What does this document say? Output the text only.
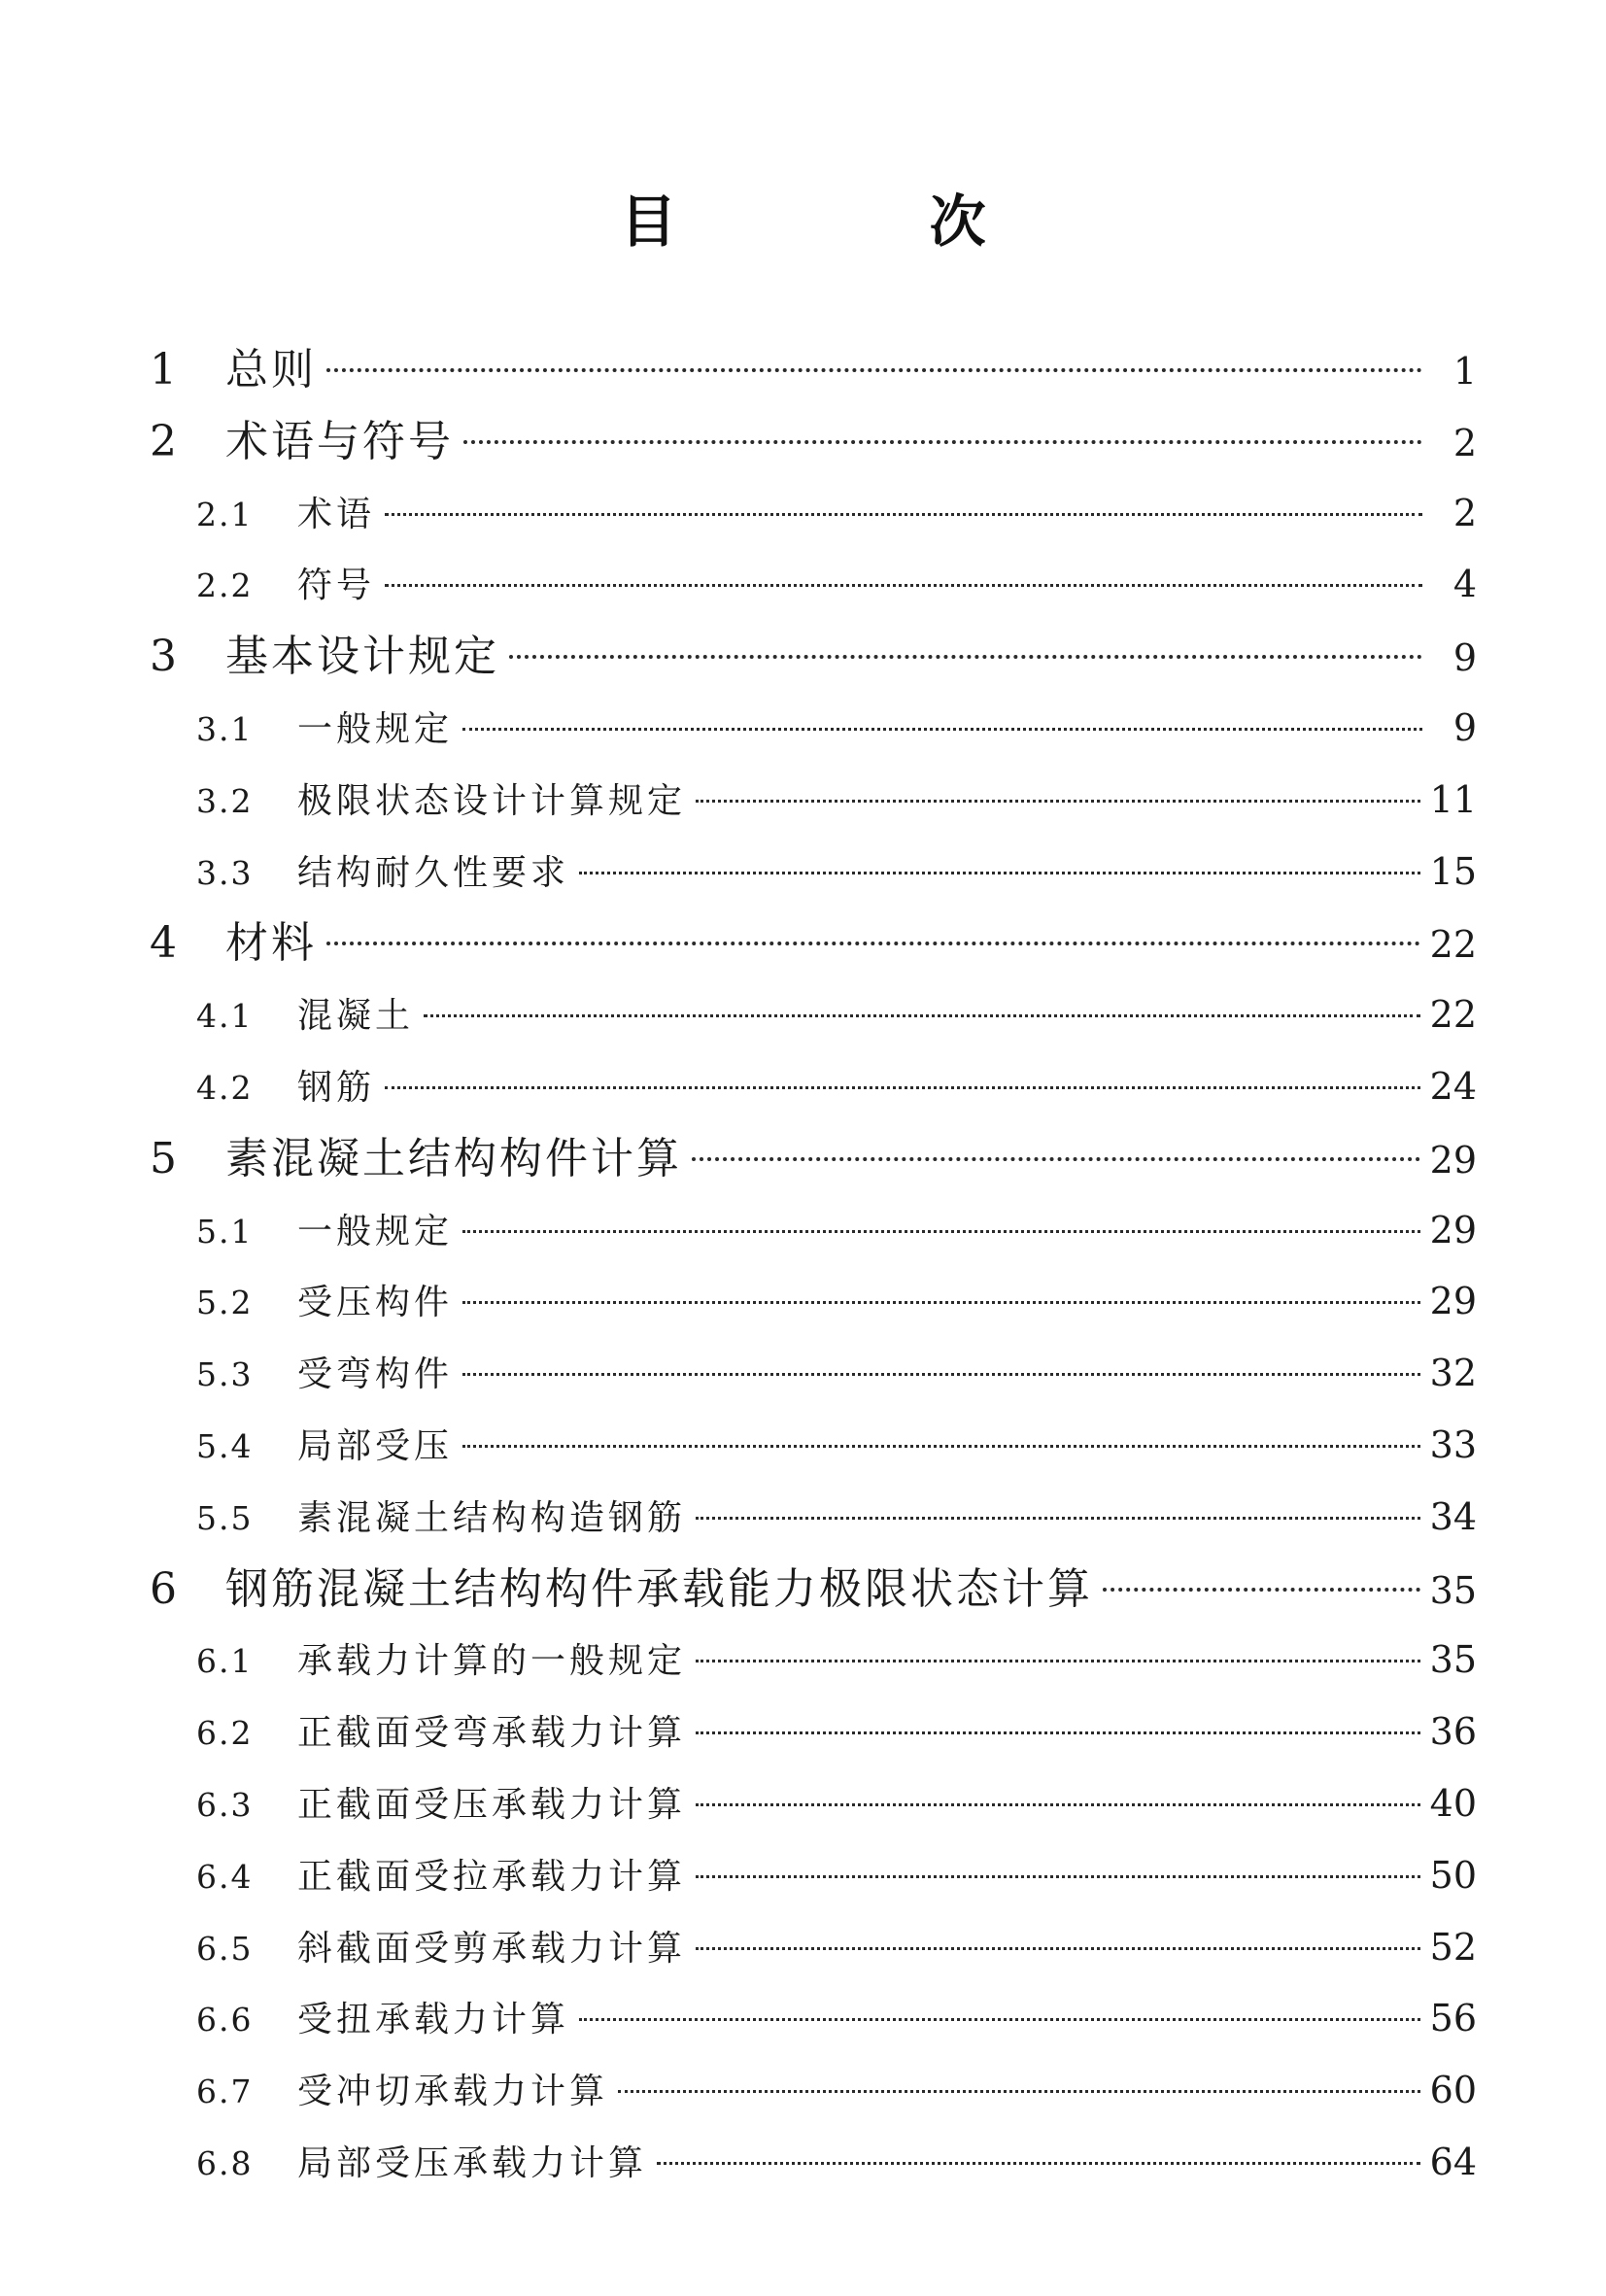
目 次
1	总则	1
2	术语与符号	2
2.1	术语	2
2.2	符号	4
3	基本设计规定	9
3.1	一般规定	9
3.2	极限状态设计计算规定	11
3.3	结构耐久性要求	15
4	材料	22
4.1	混凝土	22
4.2	钢筋	24
5	素混凝土结构构件计算	29
5.1	一般规定	29
5.2	受压构件	29
5.3	受弯构件	32
5.4	局部受压	33
5.5	素混凝土结构构造钢筋	34
6	钢筋混凝土结构构件承载能力极限状态计算	35
6.1	承载力计算的一般规定	35
6.2	正截面受弯承载力计算	36
6.3	正截面受压承载力计算	40
6.4	正截面受拉承载力计算	50
6.5	斜截面受剪承载力计算	52
6.6	受扭承载力计算	56
6.7	受冲切承载力计算	60
6.8	局部受压承载力计算	64
